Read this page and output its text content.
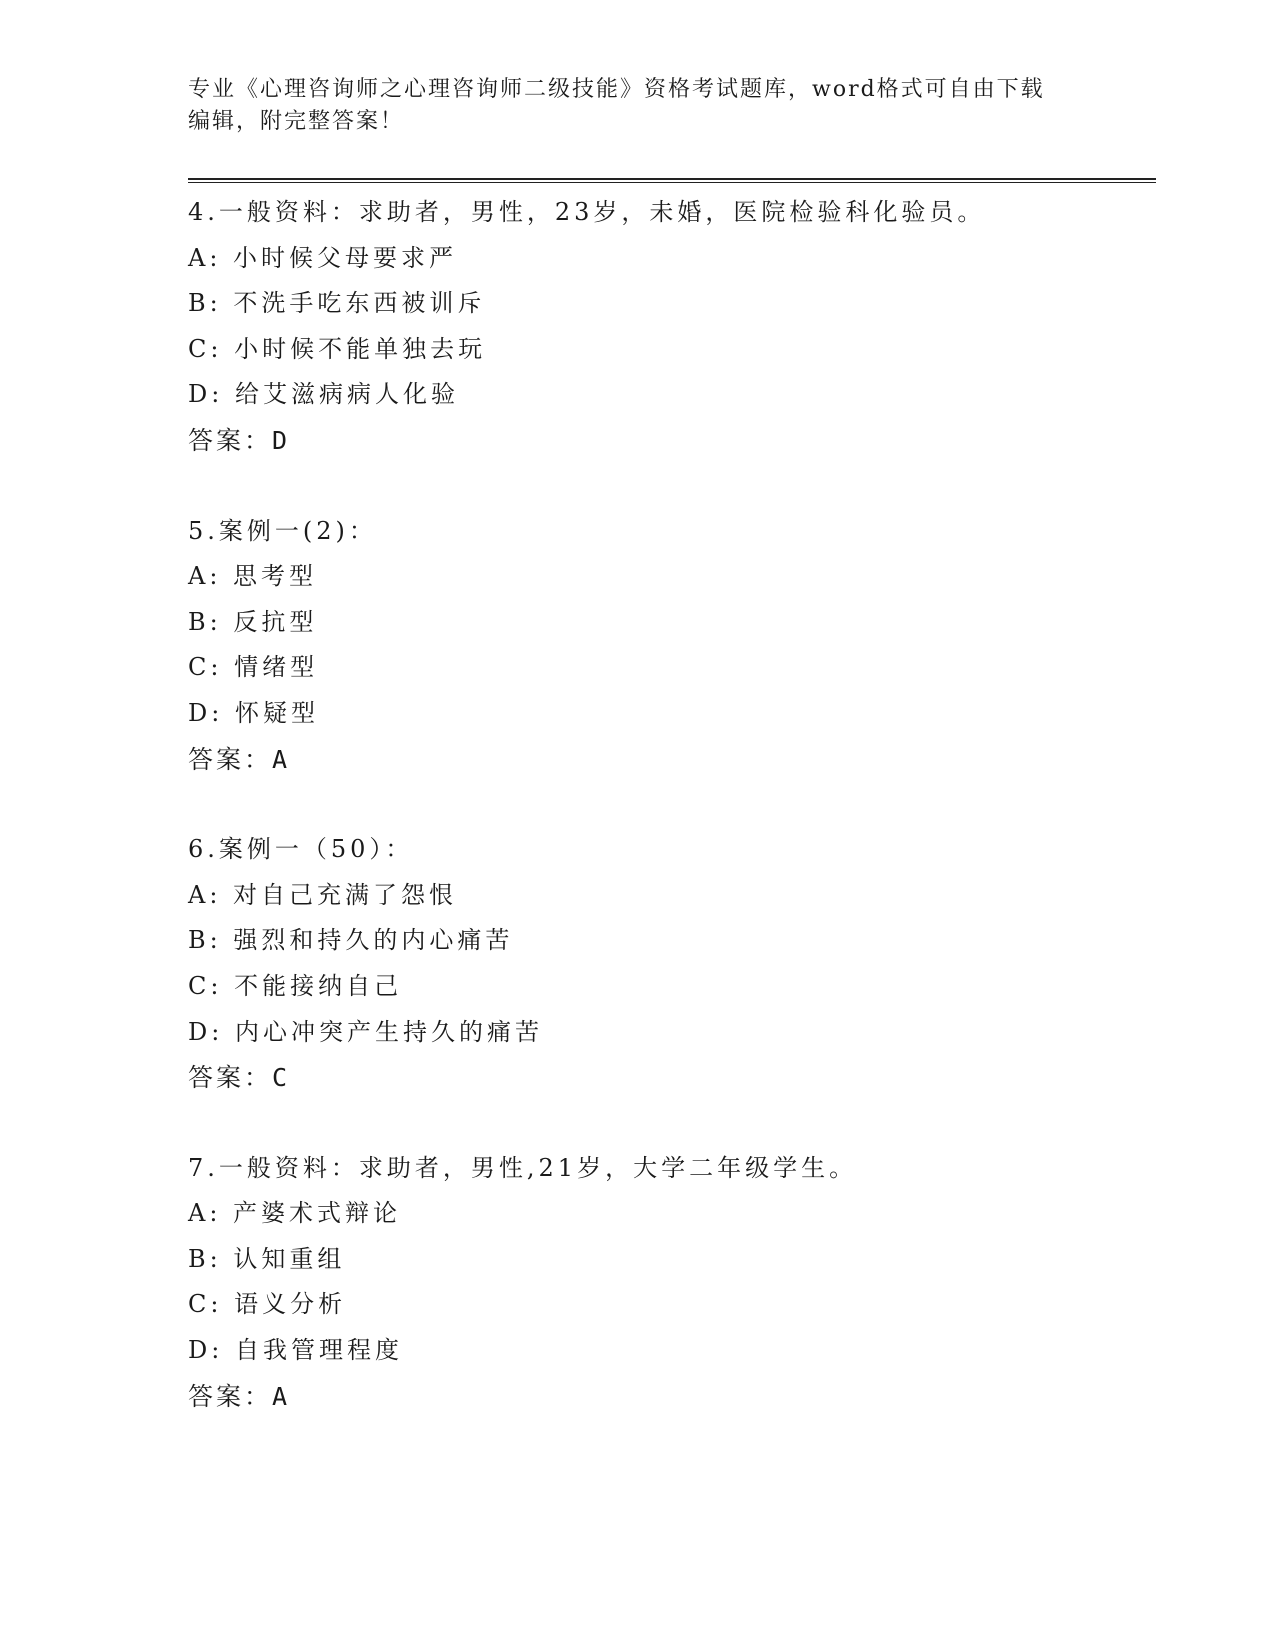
专业《心理咨询师之心理咨询师二级技能》资格考试题库，word格式可自由下载
编辑，附完整答案！
4.一般资料：求助者，男性，23岁，未婚，医院检验科化验员。
A: 小时候父母要求严
B: 不洗手吃东西被训斥
C: 小时候不能单独去玩
D: 给艾滋病病人化验
答案：D
5.案例一(2)：
A: 思考型
B: 反抗型
C: 情绪型
D: 怀疑型
答案：A
6.案例一（50）：
A: 对自己充满了怨恨
B: 强烈和持久的内心痛苦
C: 不能接纳自己
D: 内心冲突产生持久的痛苦
答案：C
7.一般资料：求助者，男性,21岁，大学二年级学生。
A: 产婆术式辩论
B: 认知重组
C: 语义分析
D: 自我管理程度
答案：A
